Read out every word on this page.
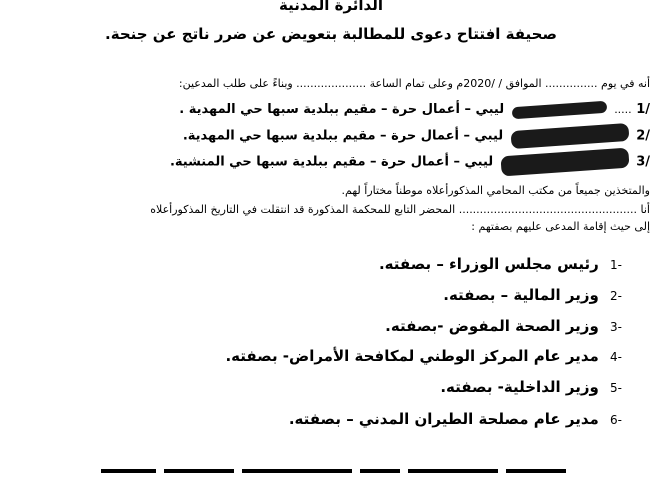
الدائرة المدنية
صحيفة افتتاح دعوى للمطالبة بتعويض عن ضرر ناتج عن جنحة.
أنه في يوم ............... الموافق / /2020م وعلى تمام الساعة .................... وبناءً على طلب المدعين:
/1 .....  ليبي – أعمال حرة – مقيم ببلدية سبها حي المهدية .
/2  ليبي – أعمال حرة – مقيم ببلدية سبها حي المهدية.
/3  ليبي – أعمال حرة – مقيم ببلدية سبها حي المنشية.
والمتخذين جميعاً من مكتب المحامي المذكورأعلاه موطناً مختاراً لهم.
أنا ................................................... المحضر التابع للمحكمة المذكورة قد انتقلت في التاريخ المذكورأعلاه
إلى حيث إقامة المدعى عليهم بصفتهم :
-1 رئيس مجلس الوزراء – بصفته.
-2 وزير المالية – بصفته.
-3 وزير الصحة المفوض -بصفته.
-4 مدير عام المركز الوطني لمكافحة الأمراض- بصفته.
-5 وزير الداخلية- بصفته.
-6 مدير عام مصلحة الطيران المدني – بصفته.
